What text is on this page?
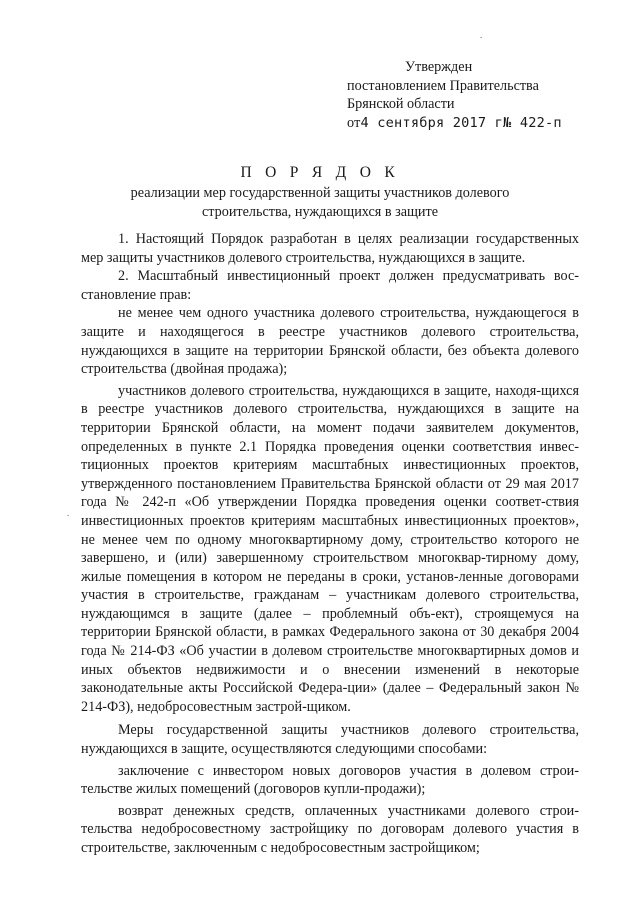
Утвержден
постановлением Правительства
Брянской области
от4 сентября 2017 г№ 422-п
П О Р Я Д О К
реализации мер государственной защиты участников долевого
строительства, нуждающихся в защите

1. Настоящий Порядок разработан в целях реализации государственных мер защиты участников долевого строительства, нуждающихся в защите.

2. Масштабный инвестиционный проект должен предусматривать вос-становление прав:

не менее чем одного участника долевого строительства, нуждающегося в защите и находящегося в реестре участников долевого строительства, нуждающихся в защите на территории Брянской области, без объекта долевого строительства (двойная продажа);

участников долевого строительства, нуждающихся в защите, находя-щихся в реестре участников долевого строительства, нуждающихся в защите на территории Брянской области, на момент подачи заявителем документов, определенных в пункте 2.1 Порядка проведения оценки соответствия инвес-тиционных проектов критериям масштабных инвестиционных проектов, утвержденного постановлением Правительства Брянской области от 29 мая 2017 года № 242-п «Об утверждении Порядка проведения оценки соответ-ствия инвестиционных проектов критериям масштабных инвестиционных проектов», не менее чем по одному многоквартирному дому, строительство которого не завершено, и (или) завершенному строительством многоквар-тирному дому, жилые помещения в котором не переданы в сроки, установ-ленные договорами участия в строительстве, гражданам – участникам долевого строительства, нуждающимся в защите (далее – проблемный объ-ект), строящемуся на территории Брянской области, в рамках Федерального закона от 30 декабря 2004 года № 214-ФЗ «Об участии в долевом строительстве многоквартирных домов и иных объектов недвижимости и о внесении изменений в некоторые законодательные акты Российской Федера-ции» (далее – Федеральный закон № 214-ФЗ), недобросовестным застрой-щиком.

Меры государственной защиты участников долевого строительства, нуждающихся в защите, осуществляются следующими способами:

заключение с инвестором новых договоров участия в долевом строи-тельстве жилых помещений (договоров купли-продажи);

возврат денежных средств, оплаченных участниками долевого строи-тельства недобросовестному застройщику по договорам долевого участия в строительстве, заключенным с недобросовестным застройщиком;

.
.
